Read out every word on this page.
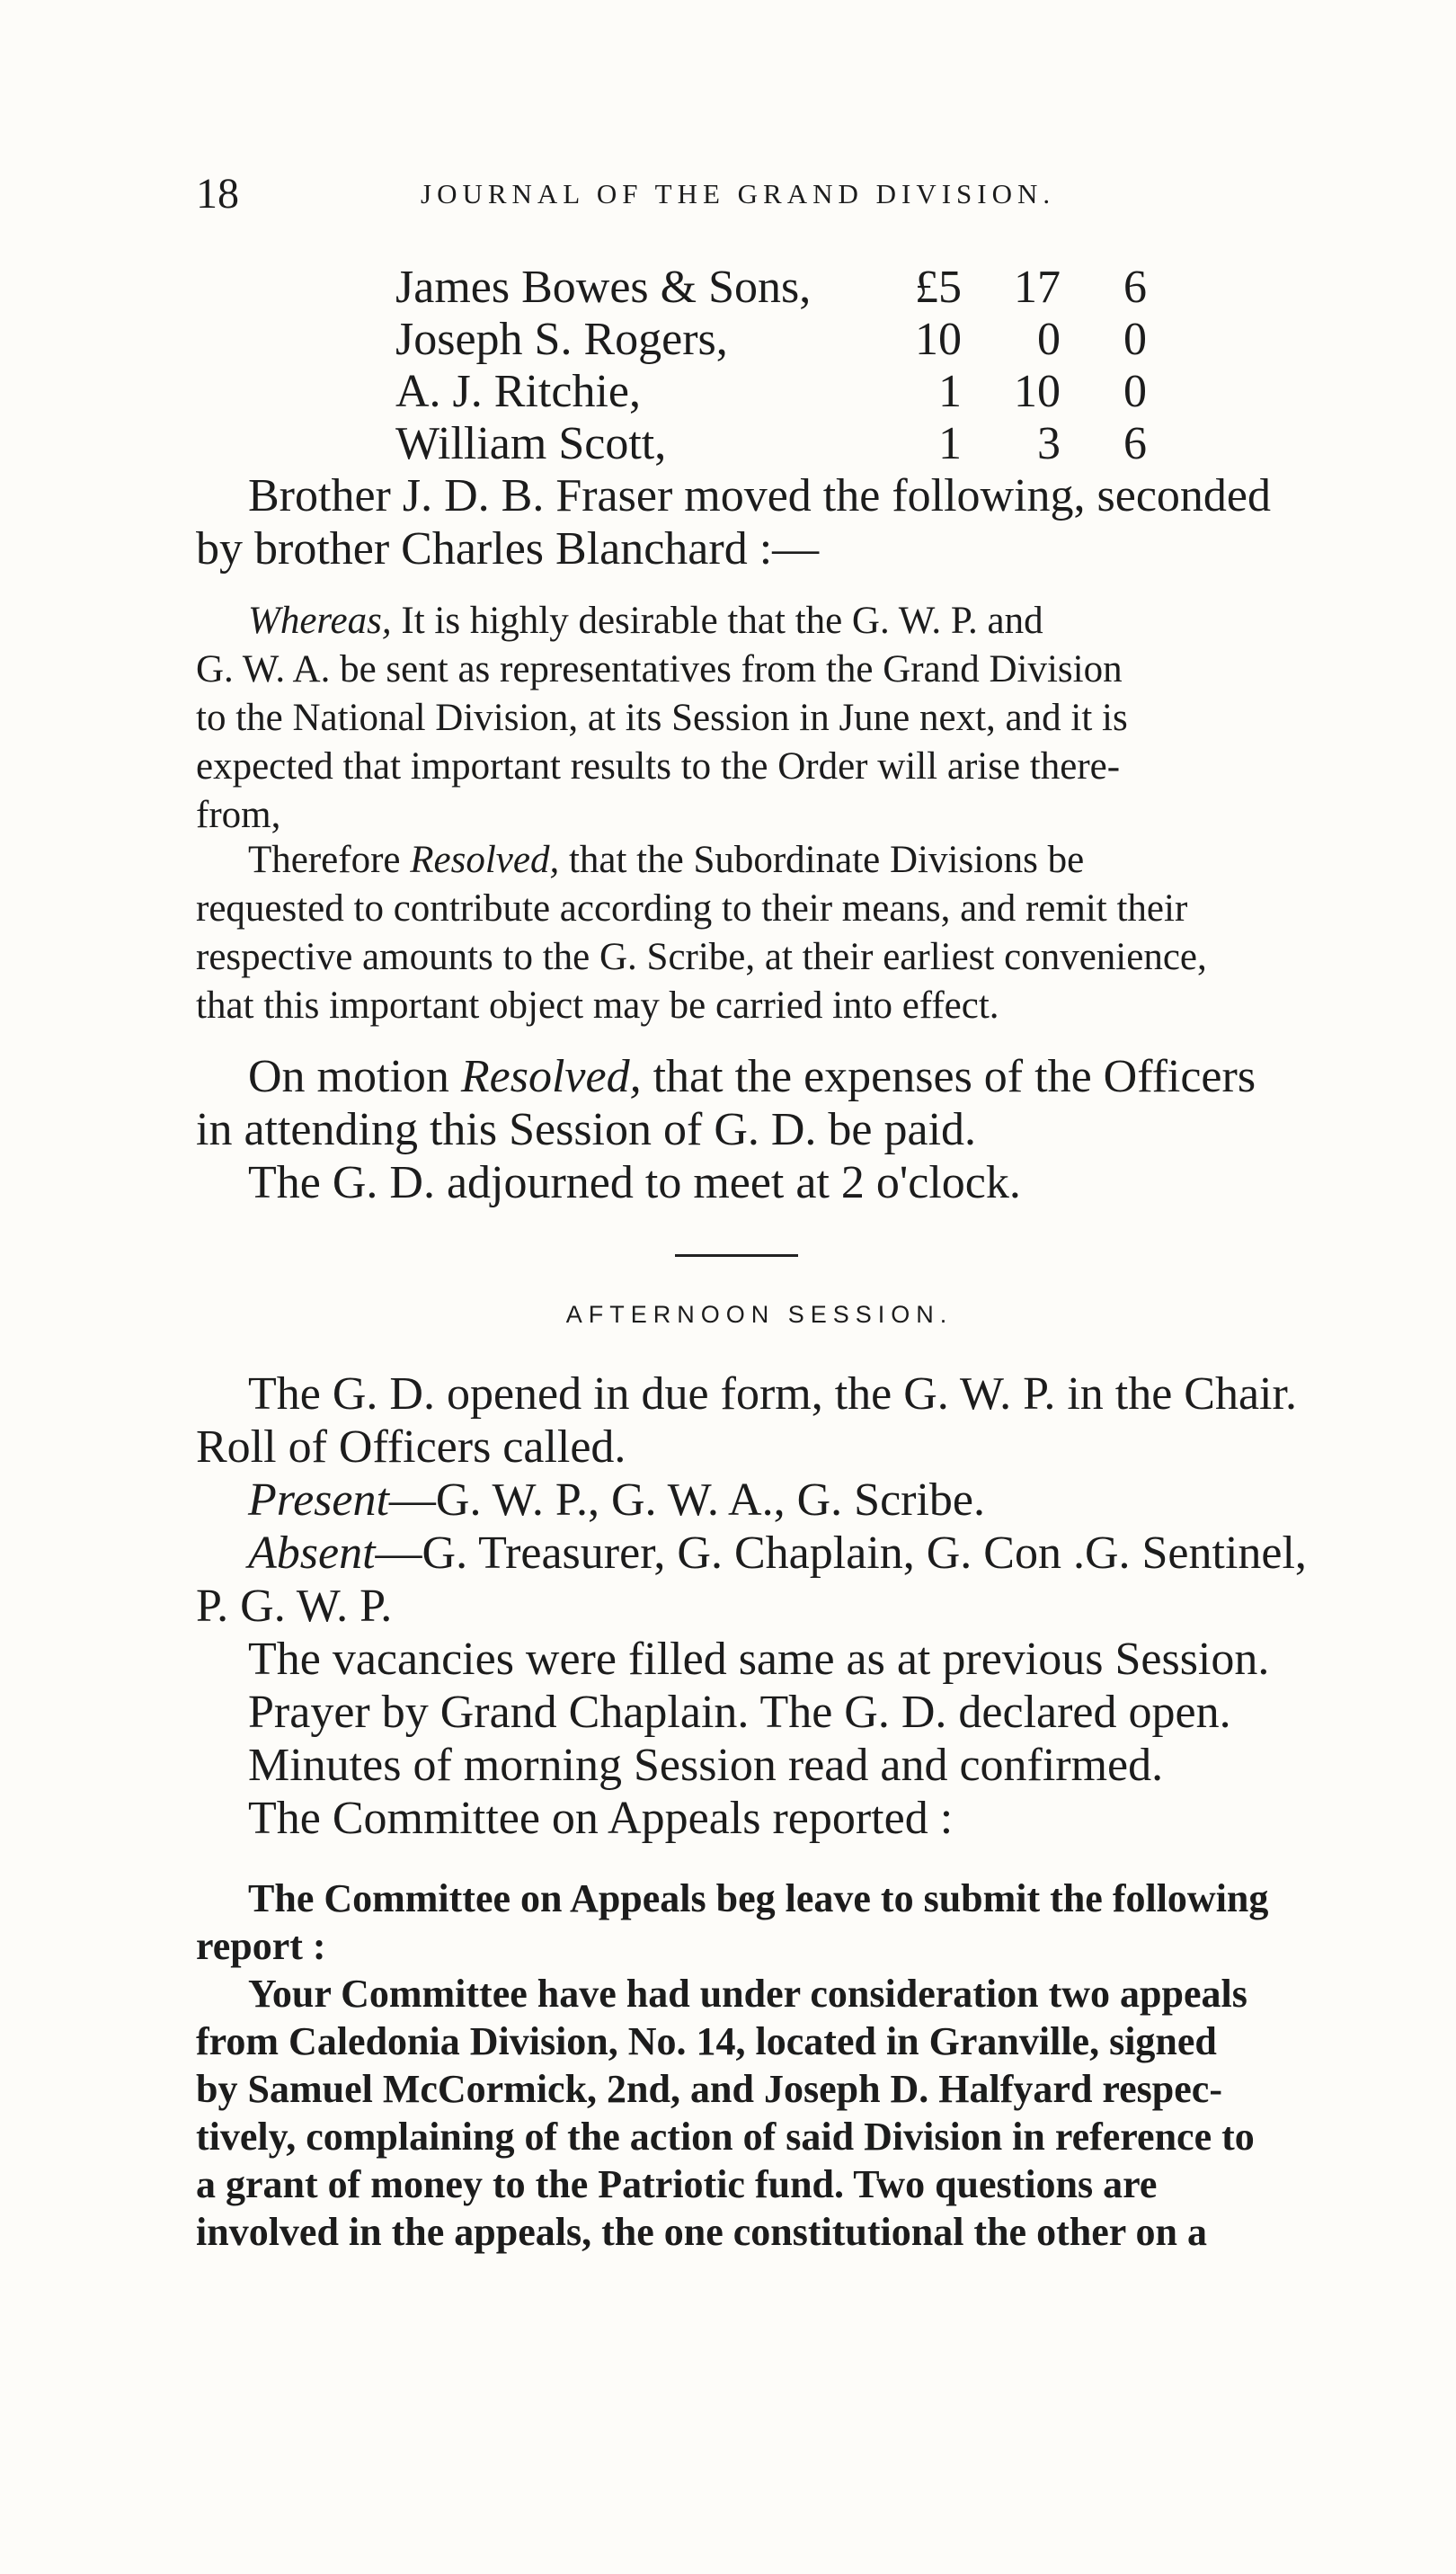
18	JOURNAL OF THE GRAND DIVISION.
James Bowes & Sons,	£5	17	6
Joseph S. Rogers,	10	0	0
A. J. Ritchie,	1	10	0
William Scott,	1	3	6
Brother J. D. B. Fraser moved the following, seconded
by brother Charles Blanchard :—
Whereas, It is highly desirable that the G. W. P. and
G. W. A. be sent as representatives from the Grand Division
to the National Division, at its Session in June next, and it is
expected that important results to the Order will arise there-
from,
Therefore Resolved, that the Subordinate Divisions be
requested to contribute according to their means, and remit their
respective amounts to the G. Scribe, at their earliest convenience,
that this important object may be carried into effect.
On motion Resolved, that the expenses of the Officers
in attending this Session of G. D. be paid.
The G. D. adjourned to meet at 2 o'clock.
AFTERNOON SESSION.
The G. D. opened in due form, the G. W. P. in the Chair.
Roll of Officers called.
Present—G. W. P., G. W. A., G. Scribe.
Absent—G. Treasurer, G. Chaplain, G. Con .G. Sentinel,
P. G. W. P.
The vacancies were filled same as at previous Session.
Prayer by Grand Chaplain. The G. D. declared open.
Minutes of morning Session read and confirmed.
The Committee on Appeals reported :
The Committee on Appeals beg leave to submit the following
report :
Your Committee have had under consideration two appeals
from Caledonia Division, No. 14, located in Granville, signed
by Samuel McCormick, 2nd, and Joseph D. Halfyard respec-
tively, complaining of the action of said Division in reference to
a grant of money to the Patriotic fund. Two questions are
involved in the appeals, the one constitutional the other on a
